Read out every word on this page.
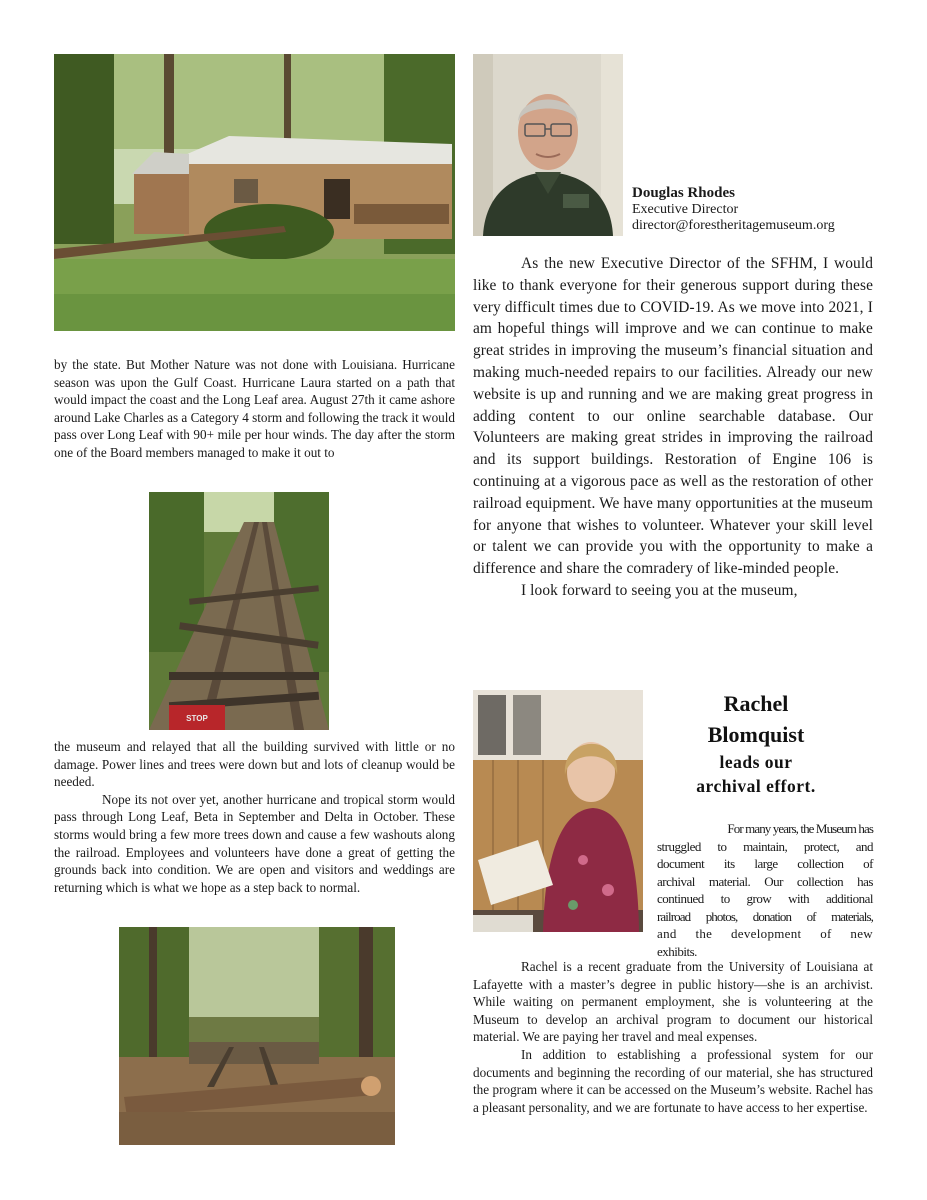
by the state. But Mother Nature was not done with Louisiana. Hurricane season was upon the Gulf Coast. Hurricane Laura started on a path that would impact the coast and the Long Leaf area. August 27th it came ashore around Lake Charles as a Category 4 storm and following the track it would pass over Long Leaf with 90+ mile per hour winds. The day after the storm one of the Board members managed to make it out to

STOP

the museum and relayed that all the building survived with little or no damage. Power lines and trees were down but and lots of cleanup would be needed.

Nope its not over yet, another hurricane and tropical storm would pass through Long Leaf, Beta in September and Delta in October. These storms would bring a few more trees down and cause a few washouts along the railroad. Employees and volunteers have done a great of getting the grounds back into condition. We are open and visitors and weddings are returning which is what we hope as a step back to normal.

Douglas Rhodes
Executive Director
director@forestheritagemuseum.org

As the new Executive Director of the SFHM, I would like to thank everyone for their generous support during these very difficult times due to COVID-19. As we move into 2021, I am hopeful things will improve and we can continue to make great strides in improving the museum’s financial situation and making much-needed repairs to our facilities. Already our new website is up and running and we are making great progress in adding content to our online searchable database. Our Volunteers are making great strides in improving the railroad and its support buildings. Restoration of Engine 106 is continuing at a vigorous pace as well as the restoration of other railroad equipment. We have many opportunities at the museum for anyone that wishes to volunteer. Whatever your skill level or talent we can provide you with the opportunity to make a difference and share the comradery of like-minded people.

I look forward to seeing you at the museum,

Rachel
Blomquist
leads our
archival effort.

For many years, the Museum has

struggled to maintain, protect, and

document its large collection of

archival material. Our collection has

continued to grow with additional

railroad photos, donation of materials,

and the development of new

exhibits.

Rachel is a recent graduate from the University of Louisiana at Lafayette with a master’s degree in public history—she is an archivist. While waiting on permanent employment, she is volunteering at the Museum to develop an archival program to document our historical material. We are paying her travel and meal expenses.

In addition to establishing a professional system for our documents and beginning the recording of our material, she has structured the program where it can be accessed on the Museum’s website. Rachel has a pleasant personality, and we are fortunate to have access to her expertise.
